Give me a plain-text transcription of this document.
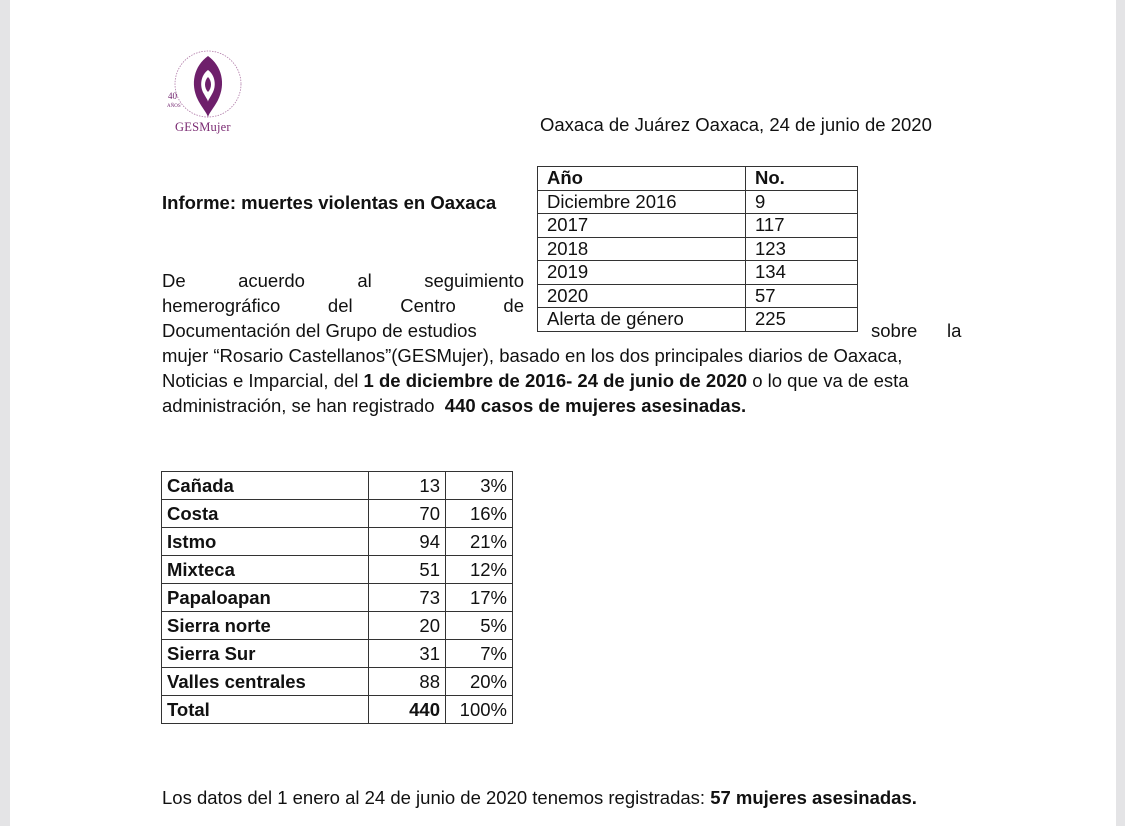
40
AÑOS
GESMujer	Oaxaca de Juárez Oaxaca, 24 de junio de 2020
Informe: muertes violentas en Oaxaca
Año	No.
Diciembre 2016	9
2017	117
2018	123
2019	134
2020	57
Alerta de género	225
De	acuerdo	al	seguimiento
hemerográfico	del	Centro	de
Documentación del Grupo de estudios	sobre la
mujer “Rosario Castellanos”(GESMujer), basado en los dos principales diarios de Oaxaca,
Noticias e Imparcial, del 1 de diciembre de 2016- 24 de junio de 2020 o lo que va de esta
administración, se han registrado  440 casos de mujeres asesinadas.
Cañada	13	3%
Costa	70	16%
Istmo	94	21%
Mixteca	51	12%
Papaloapan	73	17%
Sierra norte	20	5%
Sierra Sur	31	7%
Valles centrales	88	20%
Total	440	100%
Los datos del 1 enero al 24 de junio de 2020 tenemos registradas: 57 mujeres asesinadas.
